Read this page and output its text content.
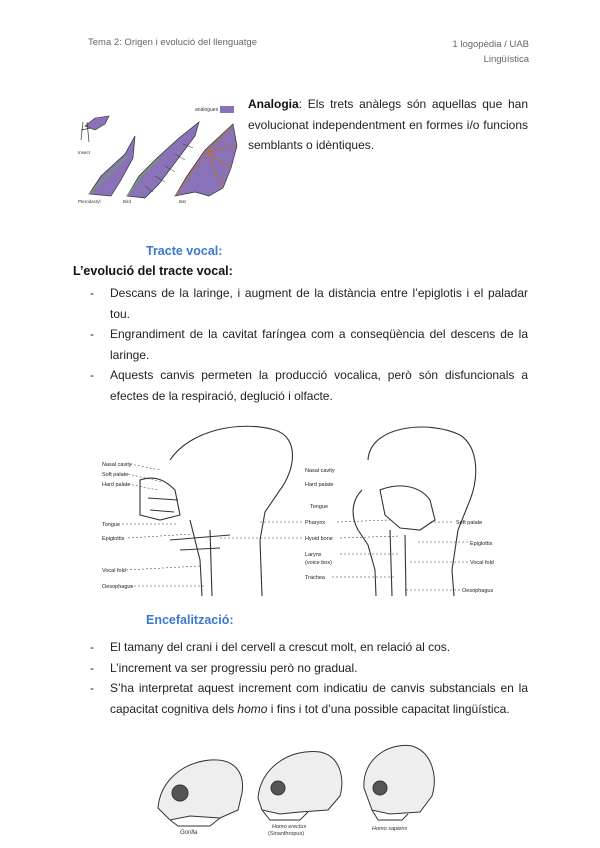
Tema 2: Origen i evolució del llenguatge	1 logopèdia / UAB
Lingüística
anàlogues
Insect
Pterodactyl	Bird	Bat
Analogia: Els trets anàlegs són aquellas que han evolucionat independentment en formes i/o funcions semblants o idèntiques.
Tracte vocal:
L’evolució del tracte vocal:
- Descans de la laringe, i augment de la distància entre l’epiglotis i el paladar tou.
- Engrandiment de la cavitat faríngea com a conseqüència del descens de la laringe.
- Aquests canvis permeten la producció vocalica, però són disfuncionals a efectes de la respiració, deglució i olfacte.
Nasal cavity
Soft palate
Hard palate
Tongue
Epiglottis
Vocal fold
Oesophagus
Pharynx
Hyoid bone
Larynx
(voice box)
Trachea
Nasal cavity
Hard palate
Tongue
Soft palate
Epiglottis
Vocal fold
Oesophagus
Encefalització:
- El tamany del crani i del cervell a crescut molt, en relació al cos.
- L’increment va ser progressiu però no gradual.
- S’ha interpretat aquest increment com indicatiu de canvis substancials en la capacitat cognitiva dels homo i fins i tot d’una possible capacitat lingüística.
Gorilla
Homo erectus
(Sinanthropus)
Homo sapiens
